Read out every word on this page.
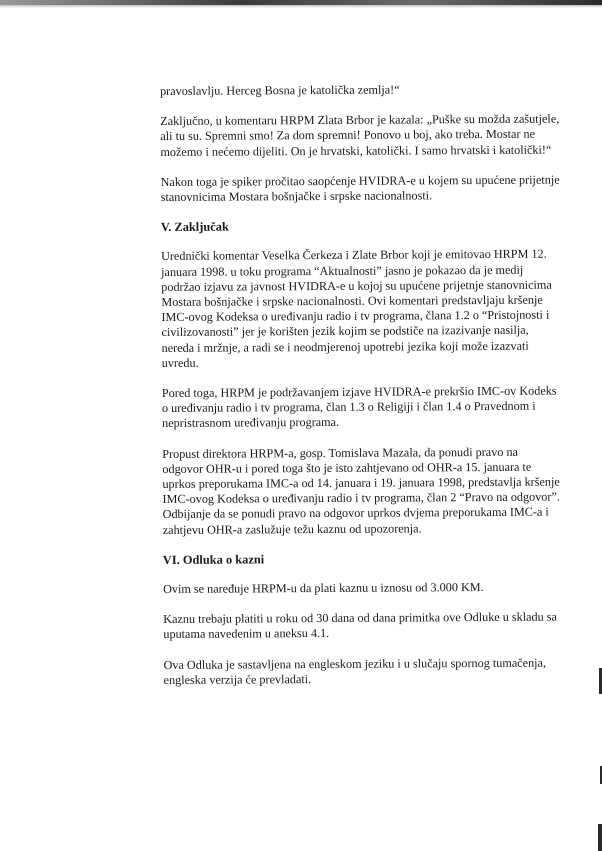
pravoslavlju. Herceg Bosna je katolička zemlja!“

Zaključno, u komentaru HRPM Zlata Brbor je kazala: „Puške su možda zašutjele,
ali tu su. Spremni smo! Za dom spremni! Ponovo u boj, ako treba. Mostar ne
možemo i nećemo dijeliti. On je hrvatski, katolički. I samo hrvatski i katolički!“

Nakon toga je spiker pročitao saopćenje HVIDRA-e u kojem su upućene prijetnje
stanovnicima Mostara bošnjačke i srpske nacionalnosti.

V. Zaključak

Urednički komentar Veselka Čerkeza i Zlate Brbor koji je emitovao HRPM 12.
januara 1998. u toku programa “Aktualnosti” jasno je pokazao da je medij
podržao izjavu za javnost HVIDRA-e u kojoj su upućene prijetnje stanovnicima
Mostara bošnjačke i srpske nacionalnosti. Ovi komentari predstavljaju kršenje
IMC-ovog Kodeksa o uređivanju radio i tv programa, člana 1.2 o “Pristojnosti i
civilizovanosti” jer je korišten jezik kojim se podstiče na izazivanje nasilja,
nereda i mržnje, a radi se i neodmjerenoj upotrebi jezika koji može izazvati
uvredu.

Pored toga, HRPM je podržavanjem izjave HVIDRA-e prekršio IMC-ov Kodeks
o uređivanju radio i tv programa, član 1.3 o Religiji i član 1.4 o Pravednom i
nepristrasnom uređivanju programa.

Propust direktora HRPM-a, gosp. Tomislava Mazala, da ponudi pravo na
odgovor OHR-u i pored toga što je isto zahtjevano od OHR-a 15. januara te
uprkos preporukama IMC-a od 14. januara i 19. januara 1998, predstavlja kršenje
IMC-ovog Kodeksa o uređivanju radio i tv programa, član 2 “Pravo na odgovor”.
Odbijanje da se ponudi pravo na odgovor uprkos dvjema preporukama IMC-a i
zahtjevu OHR-a zaslužuje težu kaznu od upozorenja.

VI. Odluka o kazni

Ovim se naređuje HRPM-u da plati kaznu u iznosu od 3.000 KM.

Kaznu trebaju platiti u roku od 30 dana od dana primitka ove Odluke u skladu sa
uputama navedenim u aneksu 4.1.

Ova Odluka je sastavljena na engleskom jeziku i u slučaju spornog tumačenja,
engleska verzija će prevladati.
